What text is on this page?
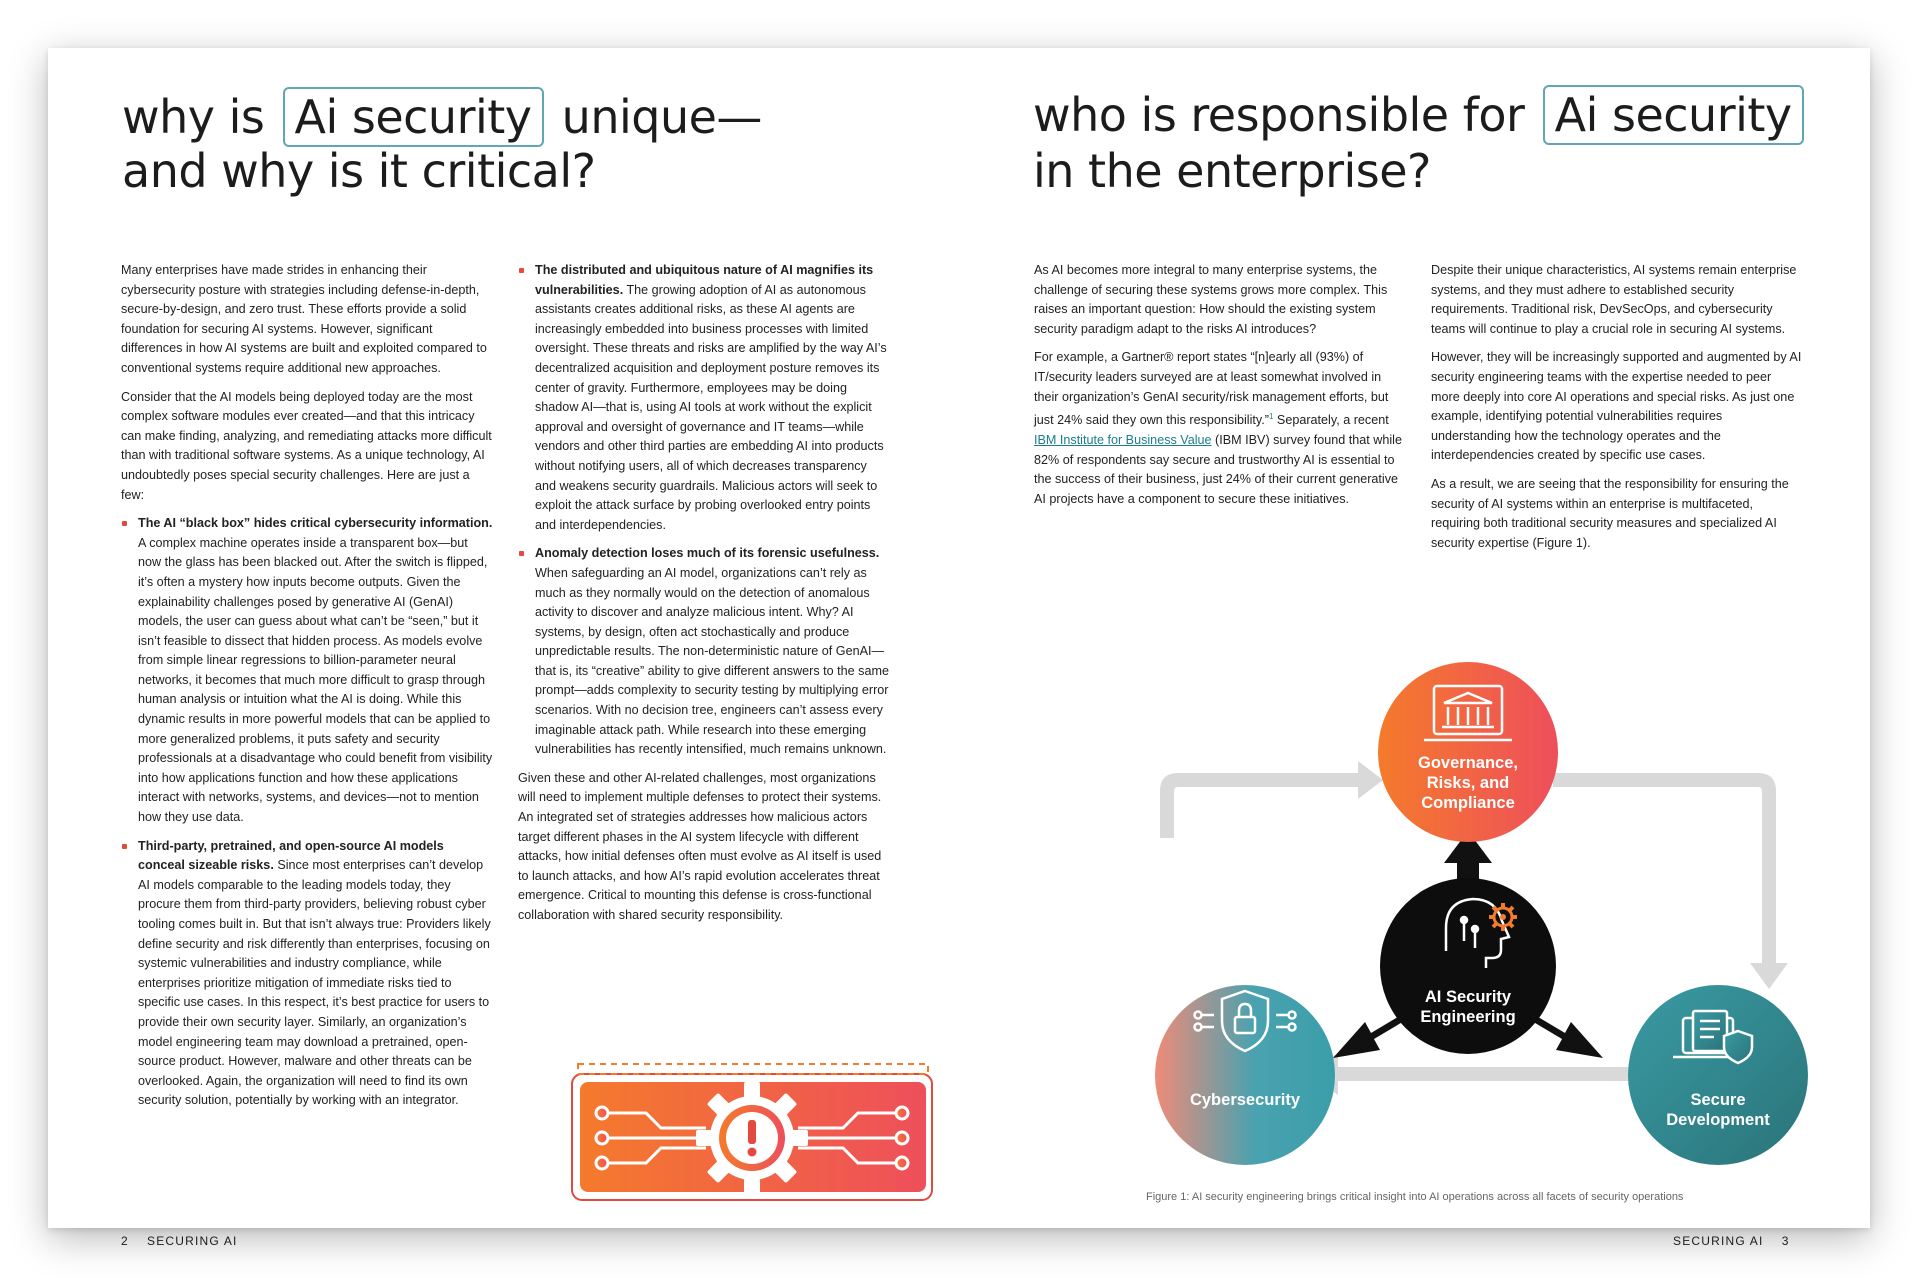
why is Ai security unique—
and why is it critical?

Many enterprises have made strides in enhancing their cybersecurity posture with strategies including defense-in-depth, secure-by-design, and zero trust. These efforts provide a solid foundation for securing AI systems. However, significant differences in how AI systems are built and exploited compared to conventional systems require additional new approaches.

Consider that the AI models being deployed today are the most complex software modules ever created—and that this intricacy can make finding, analyzing, and remediating attacks more difficult than with traditional software systems. As a unique technology, AI undoubtedly poses special security challenges. Here are just a few:

The AI “black box” hides critical cybersecurity information. A complex machine operates inside a transparent box—but now the glass has been blacked out. After the switch is flipped, it’s often a mystery how inputs become outputs. Given the explainability challenges posed by generative AI (GenAI) models, the user can guess about what can’t be “seen,” but it isn’t feasible to dissect that hidden process. As models evolve from simple linear regressions to billion-parameter neural networks, it becomes that much more difficult to grasp through human analysis or intuition what the AI is doing. While this dynamic results in more powerful models that can be applied to more generalized problems, it puts safety and security professionals at a disadvantage who could benefit from visibility into how applications function and how these applications interact with networks, systems, and devices—not to mention how they use data.
Third-party, pretrained, and open-source AI models conceal sizeable risks. Since most enterprises can’t develop AI models comparable to the leading models today, they procure them from third-party providers, believing robust cyber tooling comes built in. But that isn’t always true: Providers likely define security and risk differently than enterprises, focusing on systemic vulnerabilities and industry compliance, while enterprises prioritize mitigation of immediate risks tied to specific use cases. In this respect, it’s best practice for users to provide their own security layer. Similarly, an organization’s model engineering team may download a pretrained, open-source product. However, malware and other threats can be overlooked. Again, the organization will need to find its own security solution, potentially by working with an integrator.
The distributed and ubiquitous nature of AI magnifies its vulnerabilities. The growing adoption of AI as autonomous assistants creates additional risks, as these AI agents are increasingly embedded into business processes with limited oversight. These threats and risks are amplified by the way AI’s decentralized acquisition and deployment posture removes its center of gravity. Furthermore, employees may be doing shadow AI—that is, using AI tools at work without the explicit approval and oversight of governance and IT teams—while vendors and other third parties are embedding AI into products without notifying users, all of which decreases transparency and weakens security guardrails. Malicious actors will seek to exploit the attack surface by probing overlooked entry points and interdependencies.
Anomaly detection loses much of its forensic usefulness. When safeguarding an AI model, organizations can’t rely as much as they normally would on the detection of anomalous activity to discover and analyze malicious intent. Why? AI systems, by design, often act stochastically and produce unpredictable results. The non-deterministic nature of GenAI—that is, its “creative” ability to give different answers to the same prompt—adds complexity to security testing by multiplying error scenarios. With no decision tree, engineers can’t assess every imaginable attack path. While research into these emerging vulnerabilities has recently intensified, much remains unknown.

Given these and other AI-related challenges, most organizations will need to implement multiple defenses to protect their systems. An integrated set of strategies addresses how malicious actors target different phases in the AI system lifecycle with different attacks, how initial defenses often must evolve as AI itself is used to launch attacks, and how AI’s rapid evolution accelerates threat emergence. Critical to mounting this defense is cross-functional collaboration with shared security responsibility.

2 SECURING AI
who is responsible for Ai security
in the enterprise?

As AI becomes more integral to many enterprise systems, the challenge of securing these systems grows more complex. This raises an important question: How should the existing system security paradigm adapt to the risks AI introduces?

For example, a Gartner® report states “[n]early all (93%) of IT/security leaders surveyed are at least somewhat involved in their organization’s GenAI security/risk management efforts, but just 24% said they own this responsibility.”$^1$ Separately, a recent IBM Institute for Business Value (IBM IBV) survey found that while 82% of respondents say secure and trustworthy AI is essential to the success of their business, just 24% of their current generative AI projects have a component to secure these initiatives.

Despite their unique characteristics, AI systems remain enterprise systems, and they must adhere to established security requirements. Traditional risk, DevSecOps, and cybersecurity teams will continue to play a crucial role in securing AI systems.

However, they will be increasingly supported and augmented by AI security engineering teams with the expertise needed to peer more deeply into core AI operations and special risks. As just one example, identifying potential vulnerabilities requires understanding how the technology operates and the interdependencies created by specific use cases.

As a result, we are seeing that the responsibility for ensuring the security of AI systems within an enterprise is multifaceted, requiring both traditional security measures and specialized AI security expertise (Figure 1).

Governance,
Risks, and
Compliance
AI Security
Engineering
Cybersecurity	Secure
Development
Figure 1: AI security engineering brings critical insight into AI operations across all facets of security operations
SECURING AI 3
